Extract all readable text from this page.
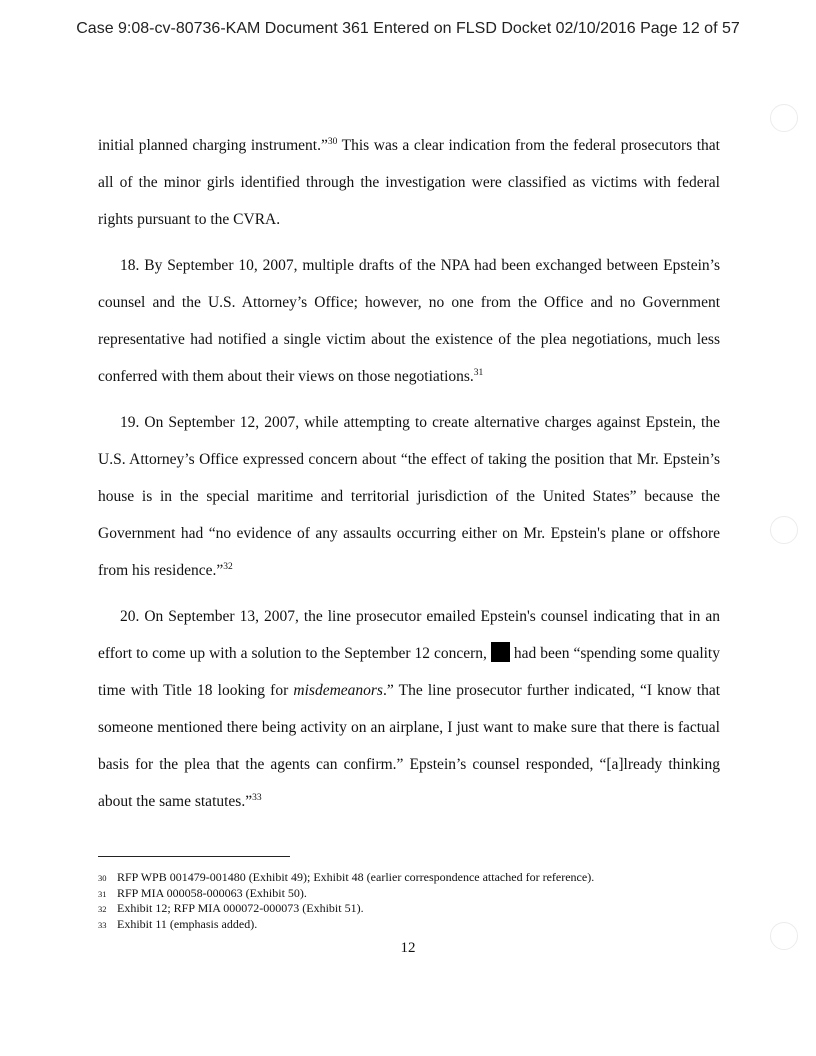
Case 9:08-cv-80736-KAM Document 361 Entered on FLSD Docket 02/10/2016 Page 12 of 57

initial planned charging instrument.”$^{30}$ This was a clear indication from the federal prosecutors that all of the minor girls identified through the investigation were classified as victims with federal rights pursuant to the CVRA.

18. By September 10, 2007, multiple drafts of the NPA had been exchanged between Epstein’s counsel and the U.S. Attorney’s Office; however, no one from the Office and no Government representative had notified a single victim about the existence of the plea negotiations, much less conferred with them about their views on those negotiations.$^{31}$

19. On September 12, 2007, while attempting to create alternative charges against Epstein, the U.S. Attorney’s Office expressed concern about “the effect of taking the position that Mr. Epstein’s house is in the special maritime and territorial jurisdiction of the United States” because the Government had “no evidence of any assaults occurring either on Mr. Epstein's plane or offshore from his residence.”$^{32}$

20. On September 13, 2007, the line prosecutor emailed Epstein's counsel indicating that in an effort to come up with a solution to the September 12 concern, had been “spending some quality time with Title 18 looking for misdemeanors.” The line prosecutor further indicated, “I know that someone mentioned there being activity on an airplane, I just want to make sure that there is factual basis for the plea that the agents can confirm.” Epstein’s counsel responded, “[a]lready thinking about the same statutes.”$^{33}$

30 RFP WPB 001479-001480 (Exhibit 49); Exhibit 48 (earlier correspondence attached for reference).
31 RFP MIA 000058-000063 (Exhibit 50).
32 Exhibit 12; RFP MIA 000072-000073 (Exhibit 51).
33 Exhibit 11 (emphasis added).
12
